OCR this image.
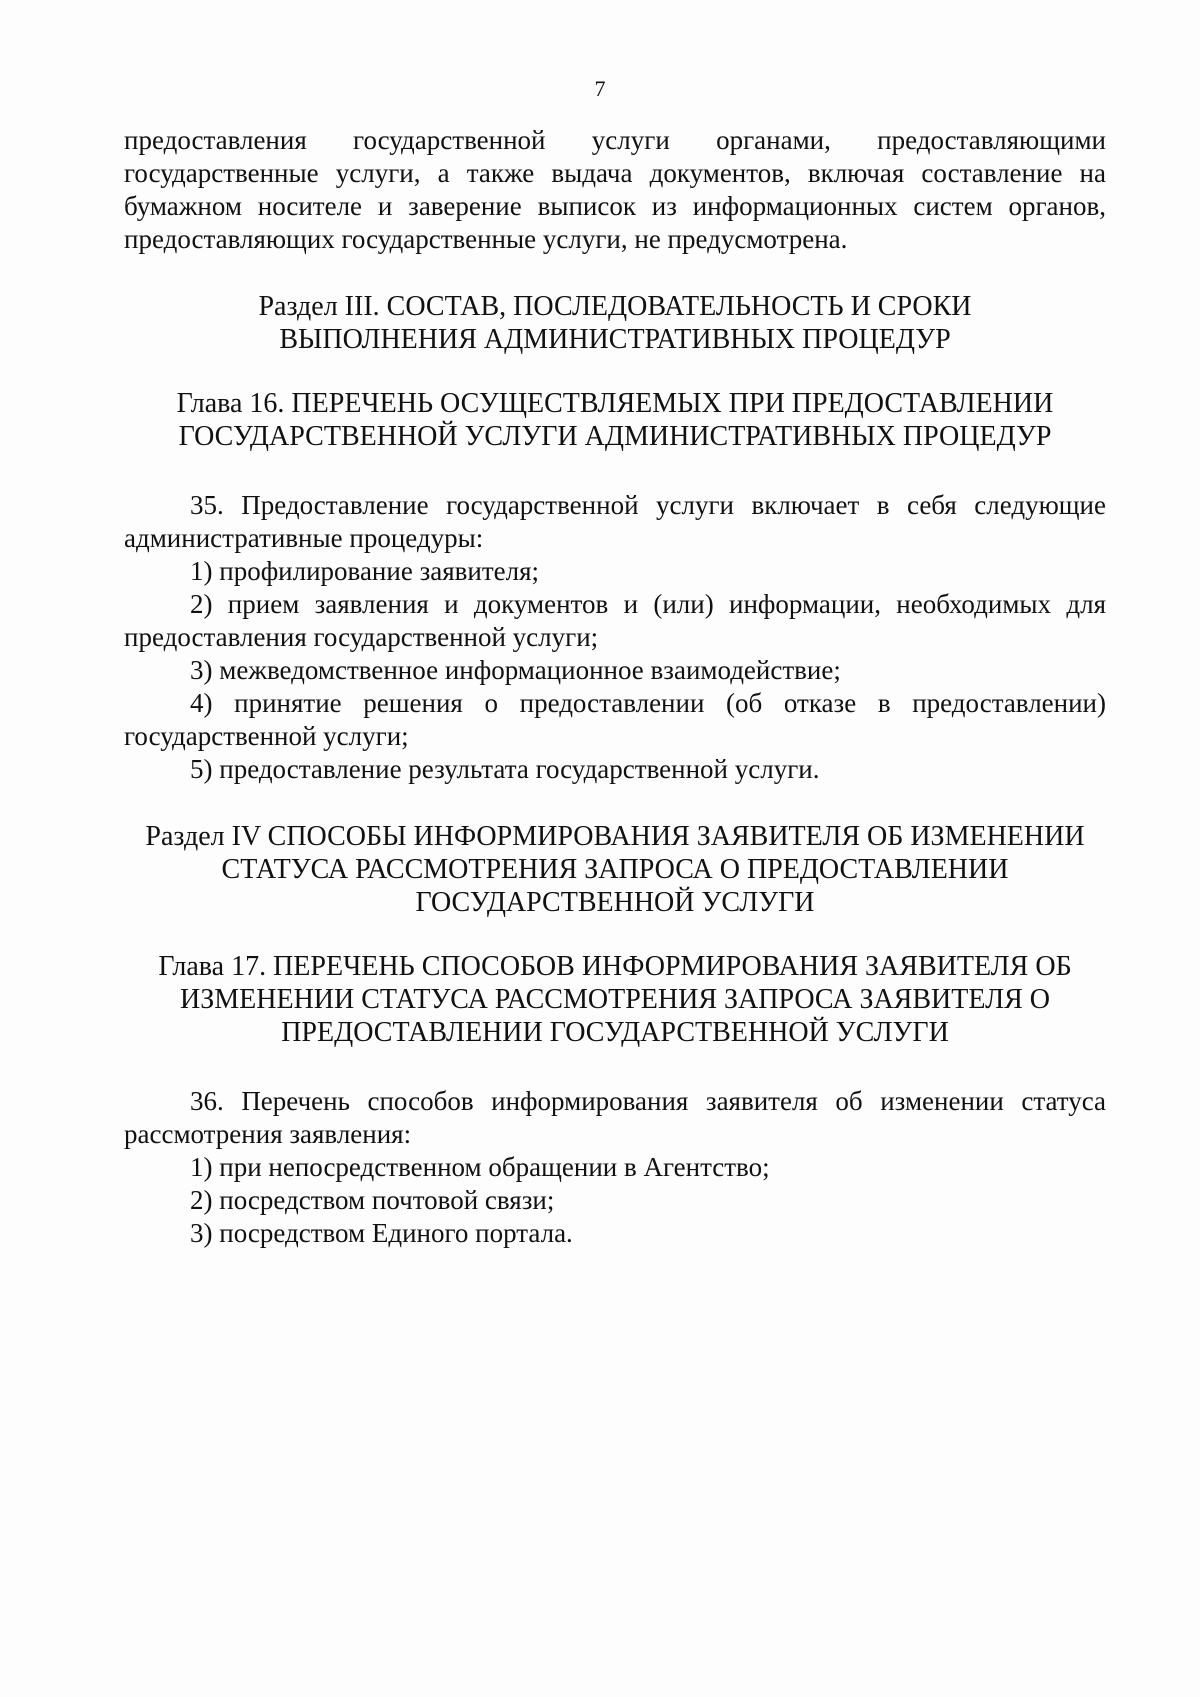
7

предоставления государственной услуги органами, предоставляющими государственные услуги, а также выдача документов, включая составление на бумажном носителе и заверение выписок из информационных систем органов, предоставляющих государственные услуги, не предусмотрена.

Раздел III. СОСТАВ, ПОСЛЕДОВАТЕЛЬНОСТЬ И СРОКИ
ВЫПОЛНЕНИЯ АДМИНИСТРАТИВНЫХ ПРОЦЕДУР
Глава 16. ПЕРЕЧЕНЬ ОСУЩЕСТВЛЯЕМЫХ ПРИ ПРЕДОСТАВЛЕНИИ
ГОСУДАРСТВЕННОЙ УСЛУГИ АДМИНИСТРАТИВНЫХ ПРОЦЕДУР

35. Предоставление государственной услуги включает в себя следующие административные процедуры:

1) профилирование заявителя;

2) прием заявления и документов и (или) информации, необходимых для предоставления государственной услуги;

3) межведомственное информационное взаимодействие;

4) принятие решения о предоставлении (об отказе в предоставлении) государственной услуги;

5) предоставление результата государственной услуги.

Раздел IV СПОСОБЫ ИНФОРМИРОВАНИЯ ЗАЯВИТЕЛЯ ОБ ИЗМЕНЕНИИ
СТАТУСА РАССМОТРЕНИЯ ЗАПРОСА О ПРЕДОСТАВЛЕНИИ
ГОСУДАРСТВЕННОЙ УСЛУГИ
Глава 17. ПЕРЕЧЕНЬ СПОСОБОВ ИНФОРМИРОВАНИЯ ЗАЯВИТЕЛЯ ОБ
ИЗМЕНЕНИИ СТАТУСА РАССМОТРЕНИЯ ЗАПРОСА ЗАЯВИТЕЛЯ О
ПРЕДОСТАВЛЕНИИ ГОСУДАРСТВЕННОЙ УСЛУГИ

36. Перечень способов информирования заявителя об изменении статуса рассмотрения заявления:

1) при непосредственном обращении в Агентство;

2) посредством почтовой связи;

3) посредством Единого портала.
